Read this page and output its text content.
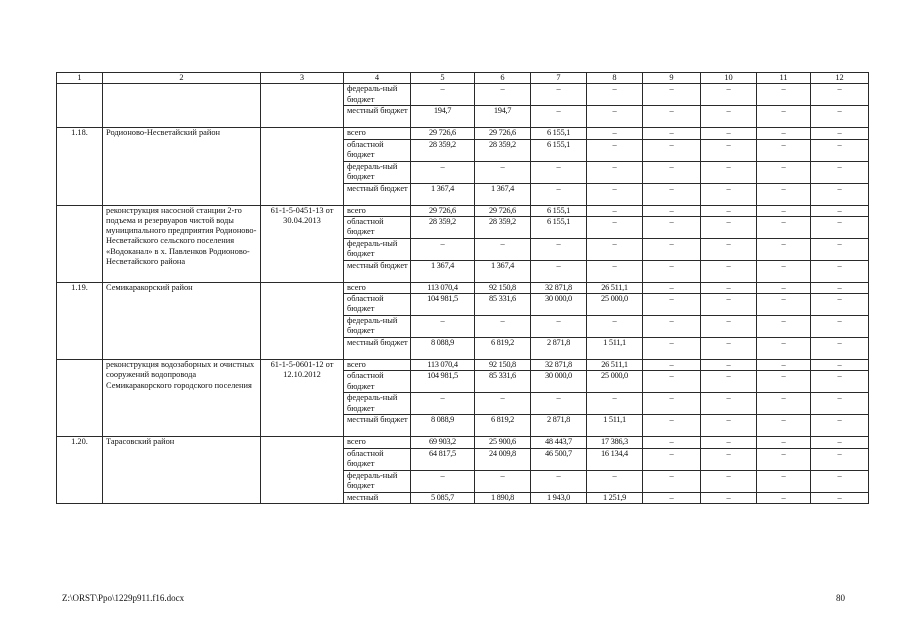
1	2	3	4	5	6	7	8	9	10	11	12
			федераль-ный бюджет	–	–	–	–	–	–	–	–
			местный бюджет	194,7	194,7	–	–	–	–	–	–
1.18.	Родионово-Несветайский район		всего	29 726,6	29 726,6	6 155,1	–	–	–	–	–
			областной бюджет	28 359,2	28 359,2	6 155,1	–	–	–	–	–
			федераль-ный бюджет	–	–	–	–	–	–	–	–
			местный бюджет	1 367,4	1 367,4	–	–	–	–	–	–
	реконструкция насосной станции 2-го подъема и резервуаров чистой воды муниципального предприятия Родионово-Несветайского сельского поселения «Водоканал» в х. Павленков Родионово-Несветайского района	61-1-5-0451-13 от 30.04.2013	всего	29 726,6	29 726,6	6 155,1	–	–	–	–	–
			областной бюджет	28 359,2	28 359,2	6 155,1	–	–	–	–	–
			федераль-ный бюджет	–	–	–	–	–	–	–	–
			местный бюджет	1 367,4	1 367,4	–	–	–	–	–	–
1.19.	Семикаракорский район		всего	113 070,4	92 150,8	32 871,8	26 511,1	–	–	–	–
			областной бюджет	104 981,5	85 331,6	30 000,0	25 000,0	–	–	–	–
			федераль-ный бюджет	–	–	–	–	–	–	–	–
			местный бюджет	8 088,9	6 819,2	2 871,8	1 511,1	–	–	–	–
	реконструкция водозаборных и очистных сооружений водопровода Семикаракорского городского поселения	61-1-5-0601-12 от 12.10.2012	всего	113 070,4	92 150,8	32 871,8	26 511,1	–	–	–	–
			областной бюджет	104 981,5	85 331,6	30 000,0	25 000,0	–	–	–	–
			федераль-ный бюджет	–	–	–	–	–	–	–	–
			местный бюджет	8 088,9	6 819,2	2 871,8	1 511,1	–	–	–	–
1.20.	Тарасовский район		всего	69 903,2	25 900,6	48 443,7	17 386,3	–	–	–	–
			областной бюджет	64 817,5	24 009,8	46 500,7	16 134,4	–	–	–	–
			федераль-ный бюджет	–	–	–	–	–	–	–	–
			местный	5 085,7	1 890,8	1 943,0	1 251,9	–	–	–	–
Z:\ORST\Ppo\1229p911.f16.docx	80
